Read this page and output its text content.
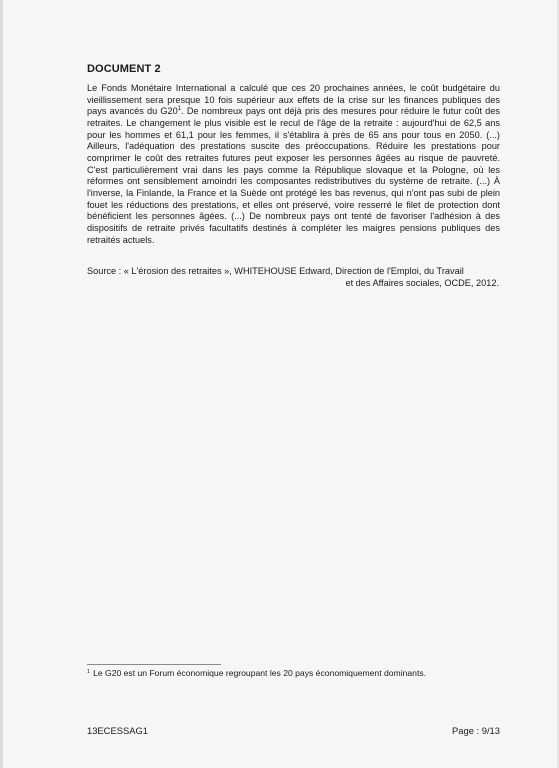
DOCUMENT 2

Le Fonds Monétaire International a calculé que ces 20 prochaines années, le coût budgétaire du vieillissement sera presque 10 fois supérieur aux effets de la crise sur les finances publiques des pays avancés du $G20^1$. De nombreux pays ont déjà pris des mesures pour réduire le futur coût des retraites. Le changement le plus visible est le recul de l'âge de la retraite : aujourd'hui de 62,5 ans pour les hommes et 61,1 pour les femmes, il s'établira à près de 65 ans pour tous en 2050. (...) Ailleurs, l'adéquation des prestations suscite des préoccupations. Réduire les prestations pour comprimer le coût des retraites futures peut exposer les personnes âgées au risque de pauvreté. C'est particulièrement vrai dans les pays comme la République slovaque et la Pologne, où les réformes ont sensiblement amoindri les composantes redistributives du système de retraite. (...) À l'inverse, la Finlande, la France et la Suède ont protégé les bas revenus, qui n'ont pas subi de plein fouet les réductions des prestations, et elles ont préservé, voire resserré le filet de protection dont bénéficient les personnes âgées. (...) De nombreux pays ont tenté de favoriser l'adhésion à des dispositifs de retraite privés facultatifs destinés à compléter les maigres pensions publiques des retraités actuels.

Source : « L'érosion des retraites », WHITEHOUSE Edward, Direction de l'Emploi, du Travail
et des Affaires sociales, OCDE, 2012.
$^1$ Le G20 est un Forum économique regroupant les 20 pays économiquement dominants.
13ECESSAG1	Page : 9/13
